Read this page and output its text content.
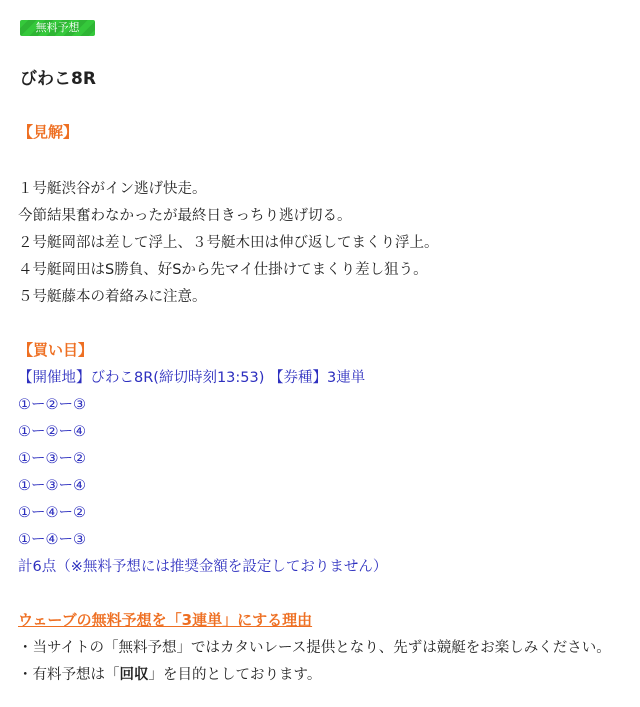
無料予想
びわこ8R
【見解】
１号艇渋谷がイン逃げ快走。
今節結果奮わなかったが最終日きっちり逃げ切る。
２号艇岡部は差して浮上、３号艇木田は伸び返してまくり浮上。
４号艇岡田はS勝負、好Sから先マイ仕掛けてまくり差し狙う。
５号艇藤本の着絡みに注意。
【買い目】
【開催地】びわこ8R(締切時刻13:53) 【券種】3連単
①ー②ー③
①ー②ー④
①ー③ー②
①ー③ー④
①ー④ー②
①ー④ー③
計6点（※無料予想には推奨金額を設定しておりません）
ウェーブの無料予想を「3連単」にする理由
・当サイトの「無料予想」ではカタいレース提供となり、先ずは競艇をお楽しみください。
・有料予想は「回収」を目的としております。
